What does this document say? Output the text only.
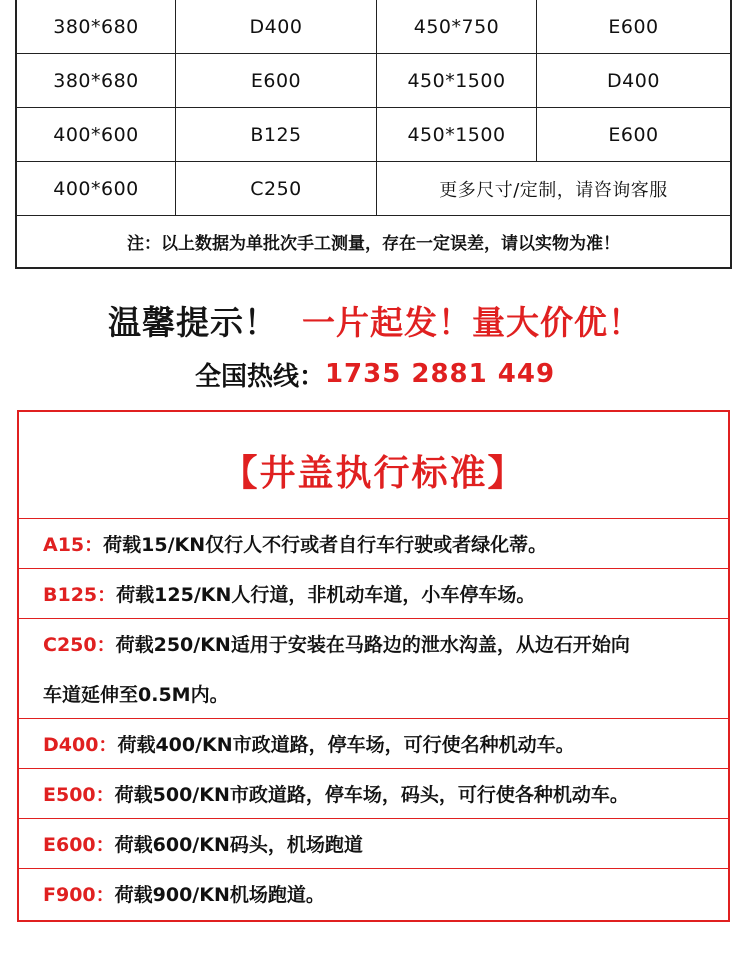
380*680	D400	450*750	E600
380*680	E600	450*1500	D400
400*600	B125	450*1500	E600
400*600	C250	更多尺寸/定制，请咨询客服
注：以上数据为单批次手工测量，存在一定误差，请以实物为准！
温馨提示！ 一片起发！量大价优！
全国热线： 1735 2881 449
【井盖执行标准】
A15： 荷载15/KN仅行人不行或者自行车行驶或者绿化蒂。
B125： 荷载125/KN人行道，非机动车道，小车停车场。
C250： 荷载250/KN适用于安装在马路边的泄水沟盖，从边石开始向
车道延伸至0.5M内。
D400： 荷载400/KN市政道路，停车场，可行使名种机动车。
E500： 荷载500/KN市政道路，停车场，码头，可行使各种机动车。
E600： 荷载600/KN码头，机场跑道
F900： 荷载900/KN机场跑道。
